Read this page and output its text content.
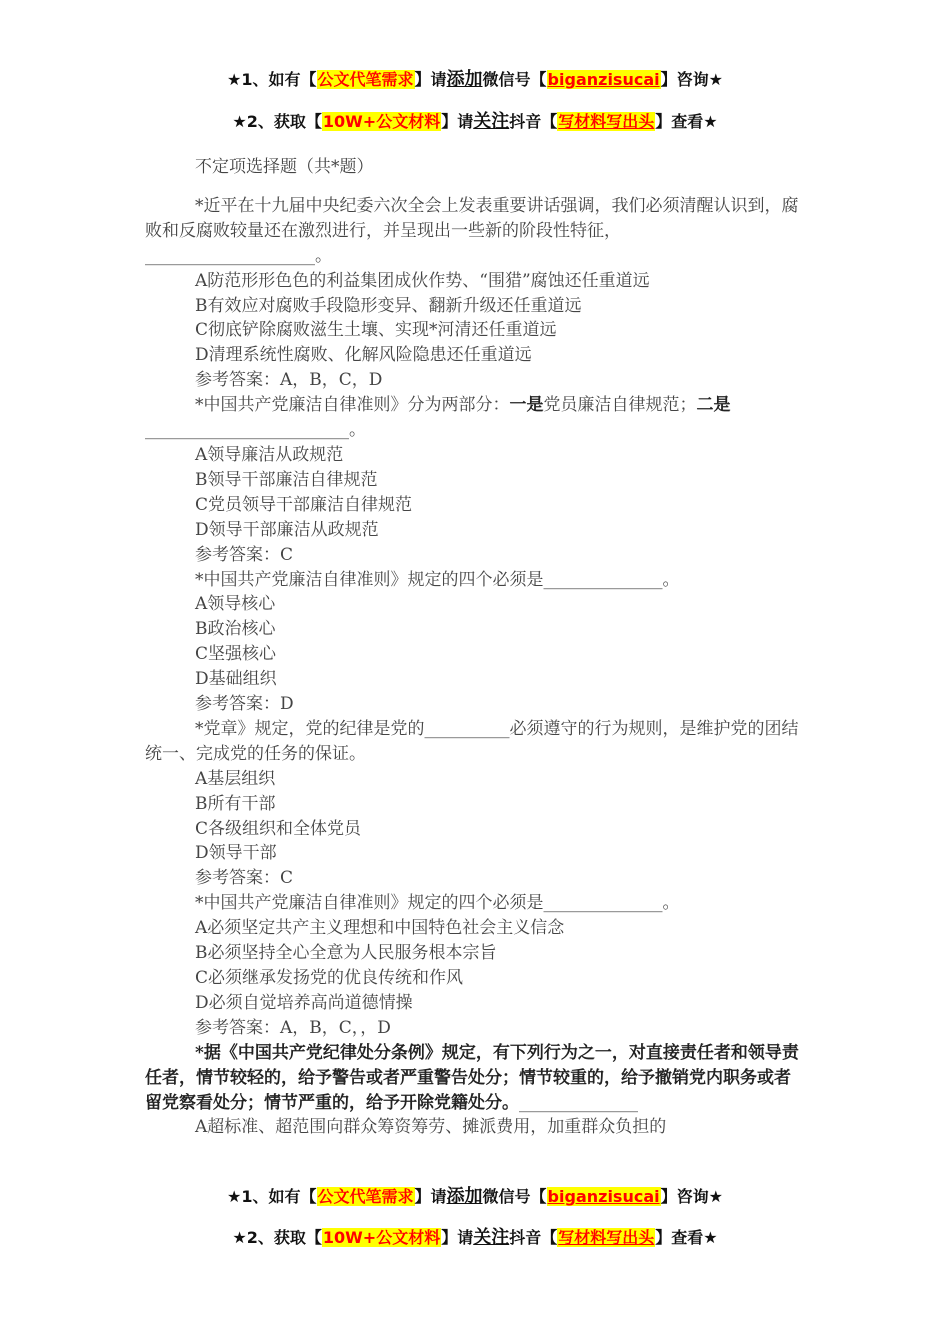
★1、如有【公文代笔需求】请添加微信号【biganzisucai】咨询★
★2、获取【10W+公文材料】请关注抖音【写材料写出头】查看★

不定项选择题（共*题）

*近平在十九届中央纪委六次全会上发表重要讲话强调，我们必须清醒认识到，腐败和反腐败较量还在激烈进行，并呈现出一些新的阶段性特征，____________________。

A防范形形色色的利益集团成伙作势、“围猎”腐蚀还任重道远

B有效应对腐败手段隐形变异、翻新升级还任重道远

C彻底铲除腐败滋生土壤、实现*河清还任重道远

D清理系统性腐败、化解风险隐患还任重道远

参考答案：A，B，C，D

*中国共产党廉洁自律准则》分为两部分：一是党员廉洁自律规范；二是________________________。

A领导廉洁从政规范

B领导干部廉洁自律规范

C党员领导干部廉洁自律规范

D领导干部廉洁从政规范

参考答案：C

*中国共产党廉洁自律准则》规定的四个必须是______________。

A领导核心

B政治核心

C坚强核心

D基础组织

参考答案：D

*党章》规定，党的纪律是党的__________必须遵守的行为规则，是维护党的团结统一、完成党的任务的保证。

A基层组织

B所有干部

C各级组织和全体党员

D领导干部

参考答案：C

*中国共产党廉洁自律准则》规定的四个必须是______________。

A必须坚定共产主义理想和中国特色社会主义信念

B必须坚持全心全意为人民服务根本宗旨

C必须继承发扬党的优良传统和作风

D必须自觉培养高尚道德情操

参考答案：A，B，C，，D

*据《中国共产党纪律处分条例》规定，有下列行为之一，对直接责任者和领导责任者，情节较轻的，给予警告或者严重警告处分；情节较重的，给予撤销党内职务或者留党察看处分；情节严重的，给予开除党籍处分。______________

A超标准、超范围向群众筹资筹劳、摊派费用，加重群众负担的

★1、如有【公文代笔需求】请添加微信号【biganzisucai】咨询★
★2、获取【10W+公文材料】请关注抖音【写材料写出头】查看★
